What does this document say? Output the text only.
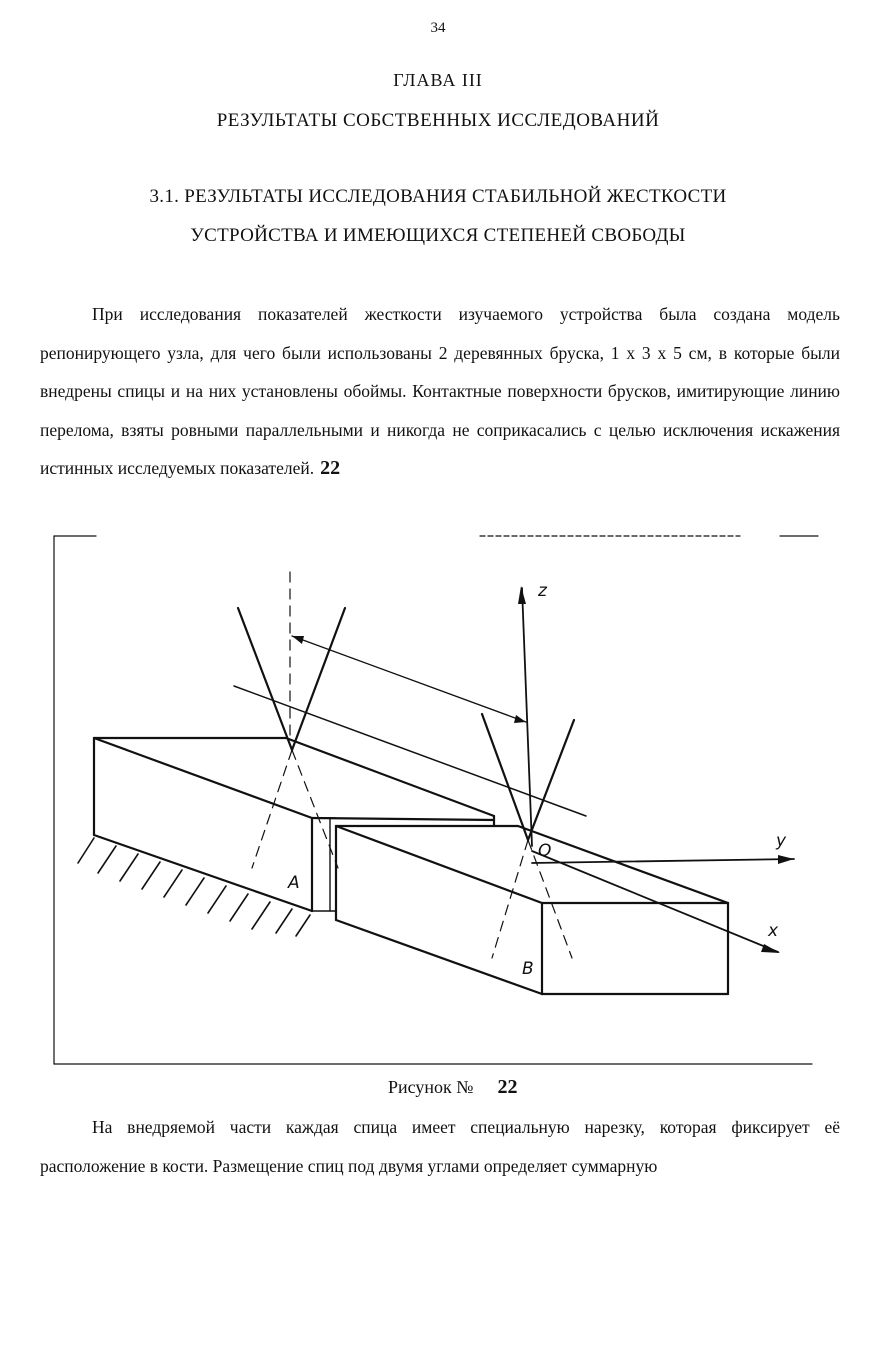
34
ГЛАВА III
РЕЗУЛЬТАТЫ СОБСТВЕННЫХ ИССЛЕДОВАНИЙ
3.1. РЕЗУЛЬТАТЫ ИССЛЕДОВАНИЯ СТАБИЛЬНОЙ ЖЕСТКОСТИ
УСТРОЙСТВА И ИМЕЮЩИХСЯ СТЕПЕНЕЙ СВОБОДЫ

При исследования показателей жесткости изучаемого устройства была создана модель репонирующего узла, для чего были использованы 2 деревянных бруска, 1 х 3 х 5 см, в которые были внедрены спицы и на них установлены обоймы. Контактные поверхности брусков, имитирующие линию перелома, взяты ровными параллельными и никогда не соприкасались с целью исключения искажения истинных исследуемых показателей. 22

z
y
x
O
A
B
Рисунок № 22

На внедряемой части каждая спица имеет специальную нарезку, которая фиксирует её расположение в кости. Размещение спиц под двумя углами определяет суммарную
